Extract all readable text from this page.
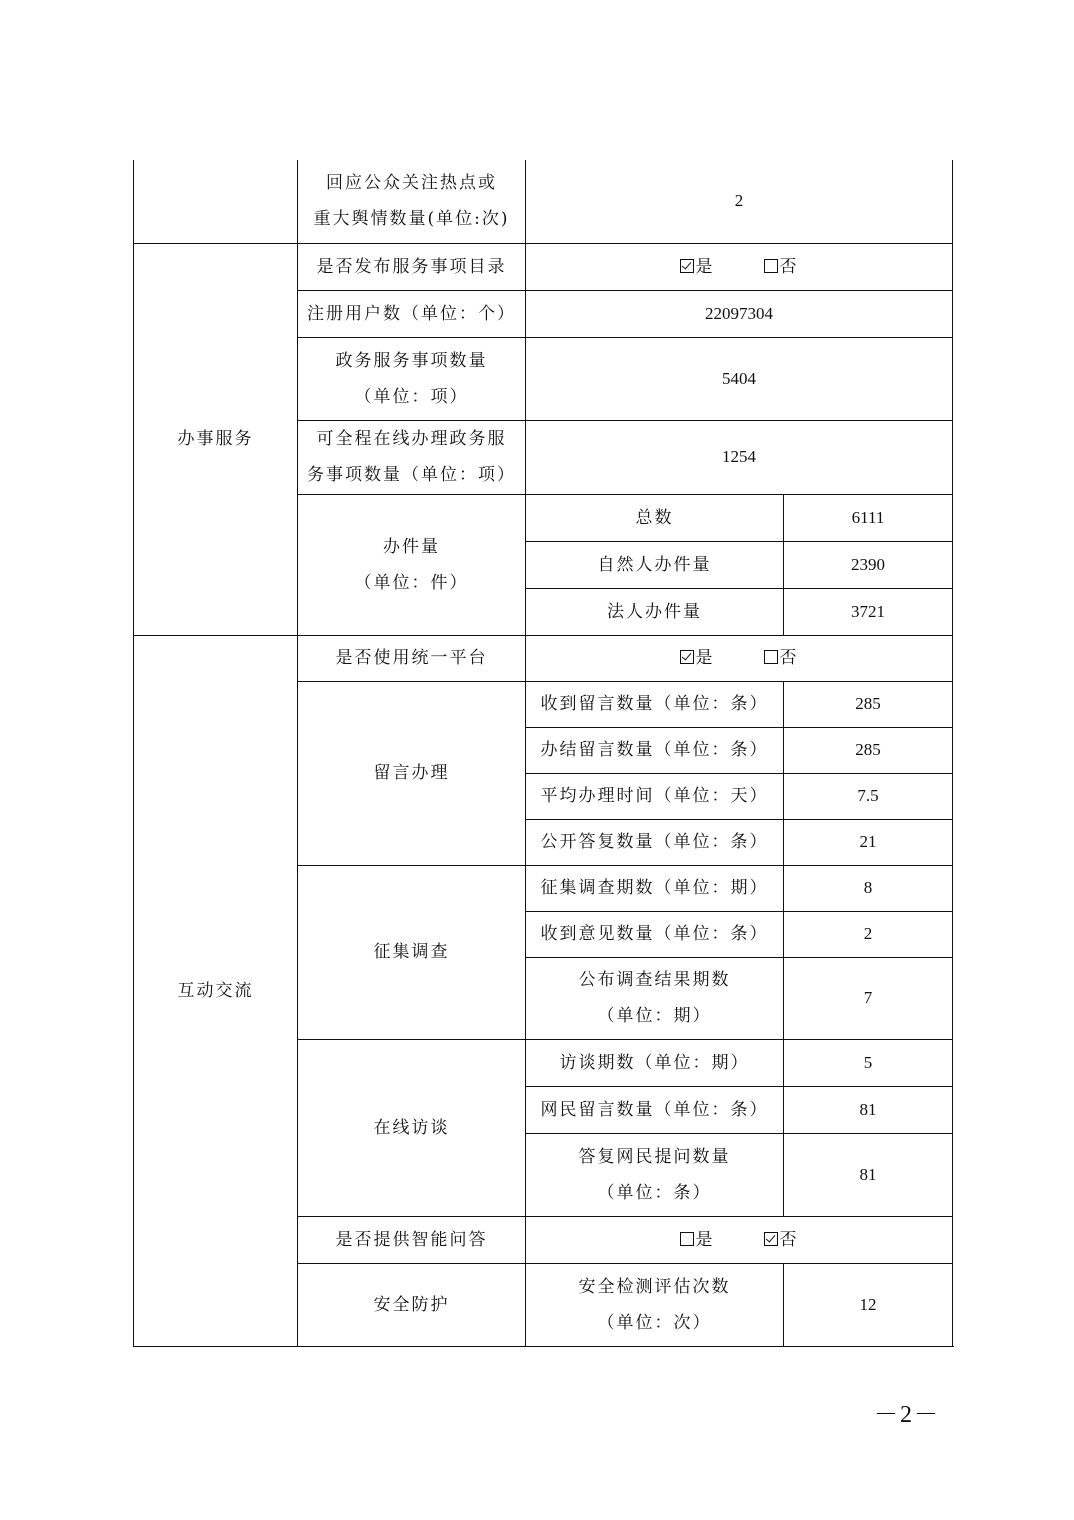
	回应公众关注热点或
重大舆情数量(单位:次)	2	
办事服务	是否发布服务事项目录	是 否	
	注册用户数（单位：个）	22097304	

	政务服务事项数量
（单位：项）	5404	

	可全程在线办理政务服
务事项数量（单位：项）	1254	

	办件量
（单位：件）	总数	6111
		自然人办件量	2390
		法人办件量	3721
互动交流	是否使用统一平台	是 否	
	留言办理	收到留言数量（单位：条）	285
		办结留言数量（单位：条）	285
		平均办理时间（单位：天）	7.5
		公开答复数量（单位：条）	21
	征集调查	征集调查期数（单位：期）	8
		收到意见数量（单位：条）	2

		公布调查结果期数
（单位：期）	7
	在线访谈	访谈期数（单位：期）	5
		网民留言数量（单位：条）	81

		答复网民提问数量
（单位：条）	81
	是否提供智能问答	是 否	
	安全防护	安全检测评估次数
（单位：次）	12
－2－
